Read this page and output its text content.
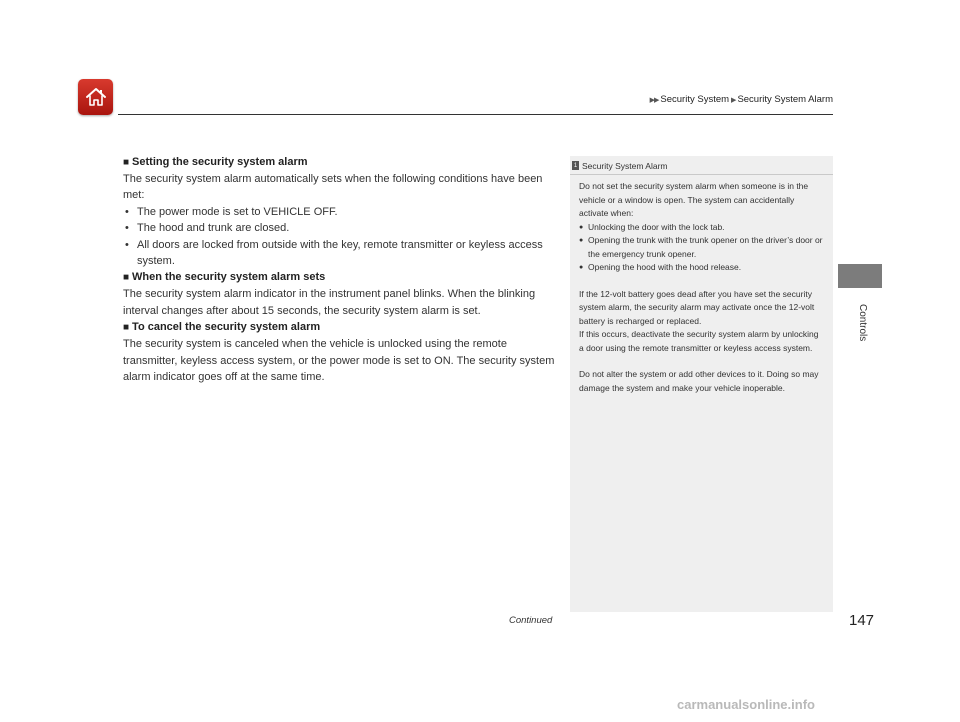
▶▶ Security System ▶ Security System Alarm
Controls
■ Setting the security system alarm

The security system alarm automatically sets when the following conditions have been met:

• The power mode is set to VEHICLE OFF.
• The hood and trunk are closed.
• All doors are locked from outside with the key, remote transmitter or keyless access system.
■ When the security system alarm sets

The security system alarm indicator in the instrument panel blinks. When the blinking interval changes after about 15 seconds, the security system alarm is set.

■ To cancel the security system alarm

The security system is canceled when the vehicle is unlocked using the remote transmitter, keyless access system, or the power mode is set to ON. The security system alarm indicator goes off at the same time.

1 Security System Alarm

Do not set the security system alarm when someone is in the vehicle or a window is open. The system can accidentally activate when:

● Unlocking the door with the lock tab.
● Opening the trunk with the trunk opener on the driver’s door or the emergency trunk opener.
● Opening the hood with the hood release.

If the 12-volt battery goes dead after you have set the security system alarm, the security alarm may activate once the 12-volt battery is recharged or replaced.

If this occurs, deactivate the security system alarm by unlocking a door using the remote transmitter or keyless access system.

Do not alter the system or add other devices to it. Doing so may damage the system and make your vehicle inoperable.

Continued	147
carmanualsonline.info
